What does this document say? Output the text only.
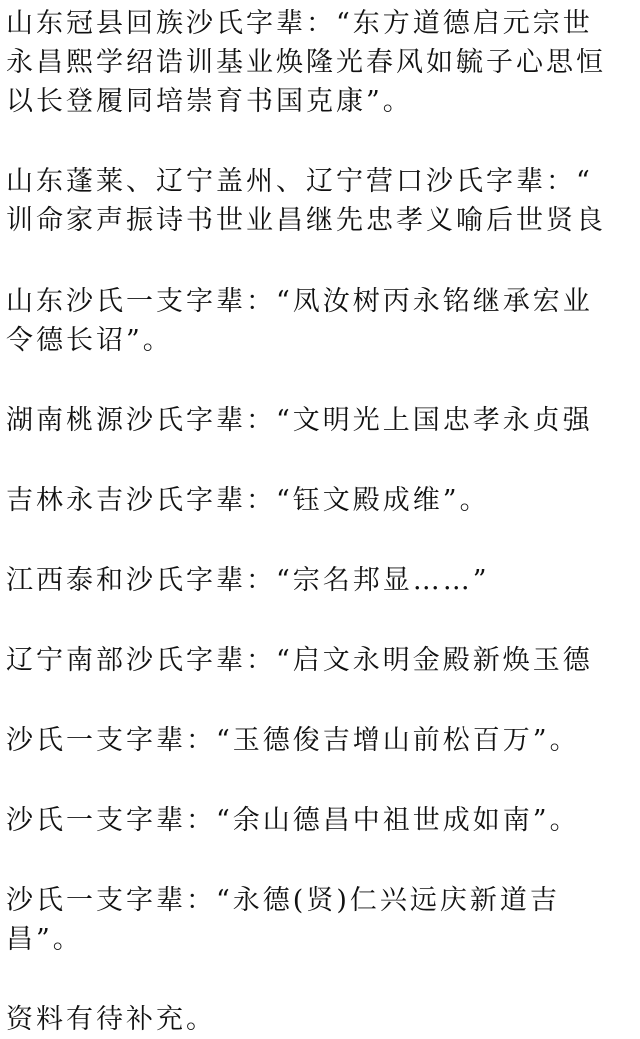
山东冠县回族沙氏字辈：“东方道德启元宗世
永昌熙学绍诰训基业焕隆光春风如毓子心思恒
以长登履同培崇育书国克康”。

山东蓬莱、辽宁盖州、辽宁营口沙氏字辈：“
训命家声振诗书世业昌继先忠孝义喻后世贤良

山东沙氏一支字辈：“凤汝树丙永铭继承宏业
令德长诏”。

湖南桃源沙氏字辈：“文明光上国忠孝永贞强

吉林永吉沙氏字辈：“钰文殿成维”。

江西泰和沙氏字辈：“宗名邦显……”

辽宁南部沙氏字辈：“启文永明金殿新焕玉德

沙氏一支字辈：“玉德俊吉增山前松百万”。

沙氏一支字辈：“余山德昌中祖世成如南”。

沙氏一支字辈：“永德(贤)仁兴远庆新道吉
昌”。

资料有待补充。
